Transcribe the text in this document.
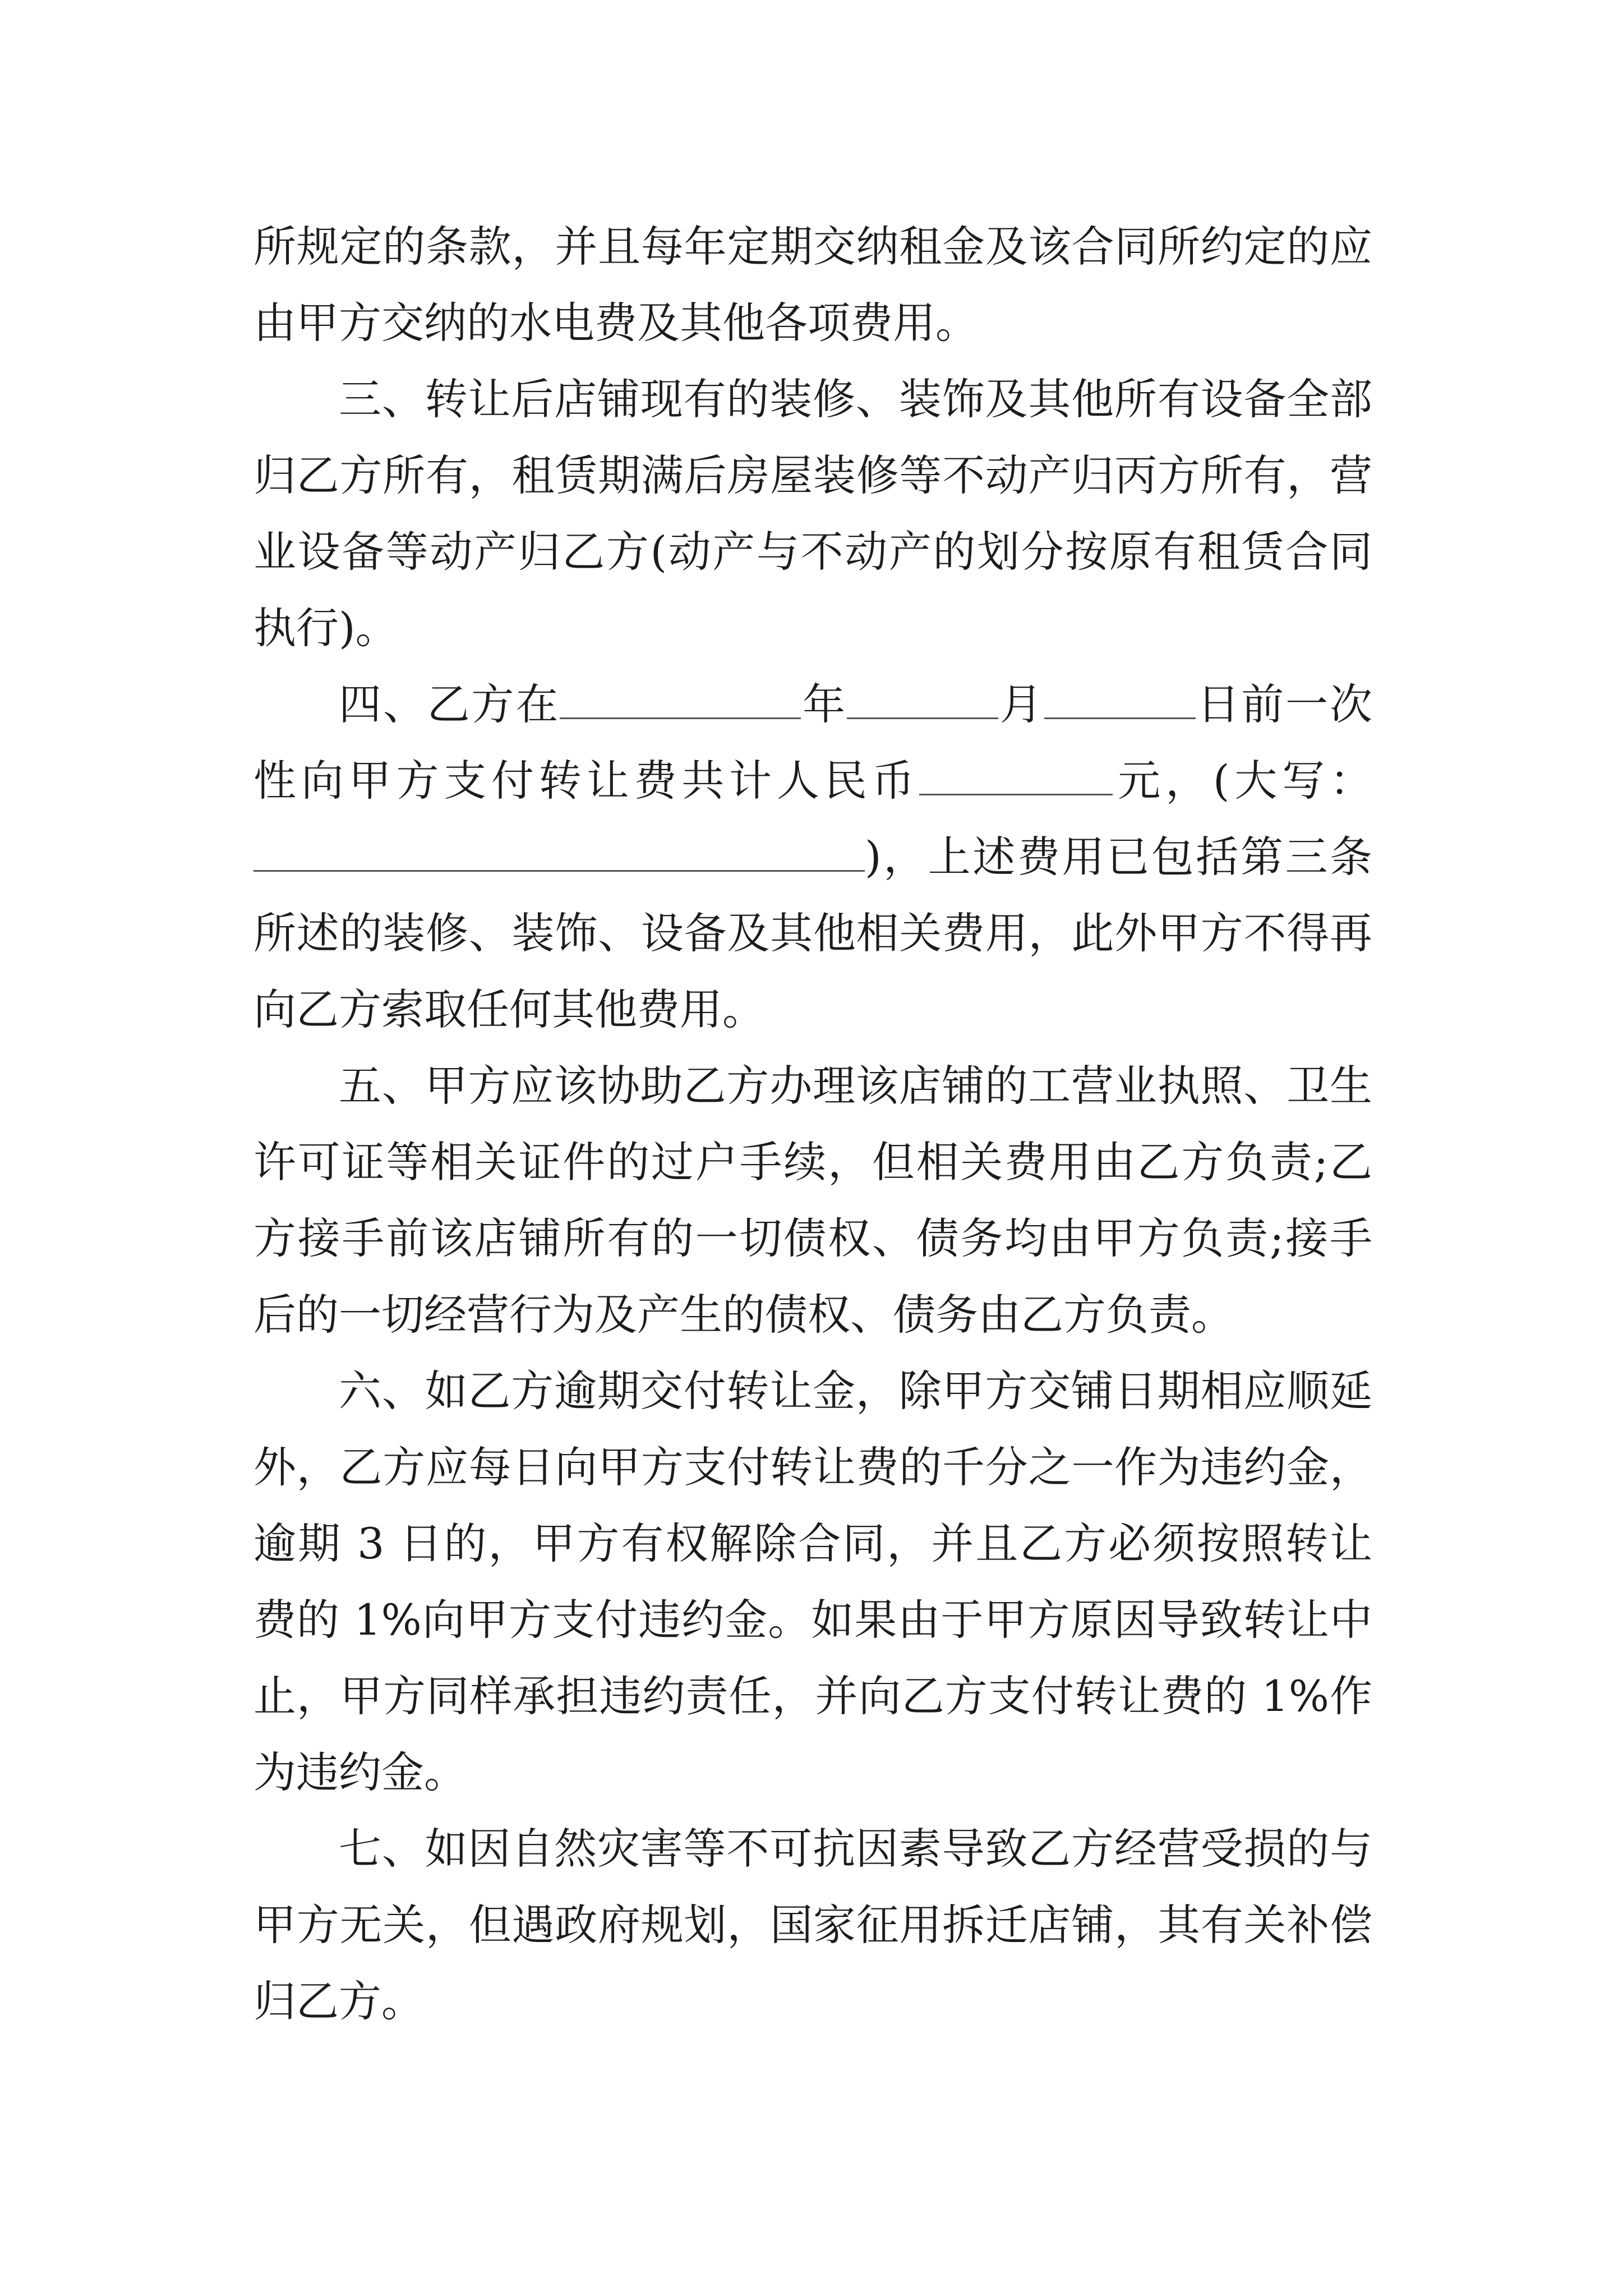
所规定的条款，并且每年定期交纳租金及该合同所约定的应由甲方交纳的水电费及其他各项费用。

三、转让后店铺现有的装修、装饰及其他所有设备全部归乙方所有，租赁期满后房屋装修等不动产归丙方所有，营业设备等动产归乙方(动产与不动产的划分按原有租赁合同执行)。

四、乙方在	年	月	日前一次性向甲方支付转让费共计人民币	元，(大写：)，上述费用已包括第三条所述的装修、装饰、设备及其他相关费用，此外甲方不得再向乙方索取任何其他费用。

五、甲方应该协助乙方办理该店铺的工营业执照、卫生许可证等相关证件的过户手续，但相关费用由乙方负责;乙方接手前该店铺所有的一切债权、债务均由甲方负责;接手后的一切经营行为及产生的债权、债务由乙方负责。

六、如乙方逾期交付转让金，除甲方交铺日期相应顺延外，乙方应每日向甲方支付转让费的千分之一作为违约金，逾期 3 日的，甲方有权解除合同，并且乙方必须按照转让费的 1%向甲方支付违约金。如果由于甲方原因导致转让中止，甲方同样承担违约责任，并向乙方支付转让费的 1%作为违约金。

七、如因自然灾害等不可抗因素导致乙方经营受损的与甲方无关，但遇政府规划，国家征用拆迁店铺，其有关补偿归乙方。
